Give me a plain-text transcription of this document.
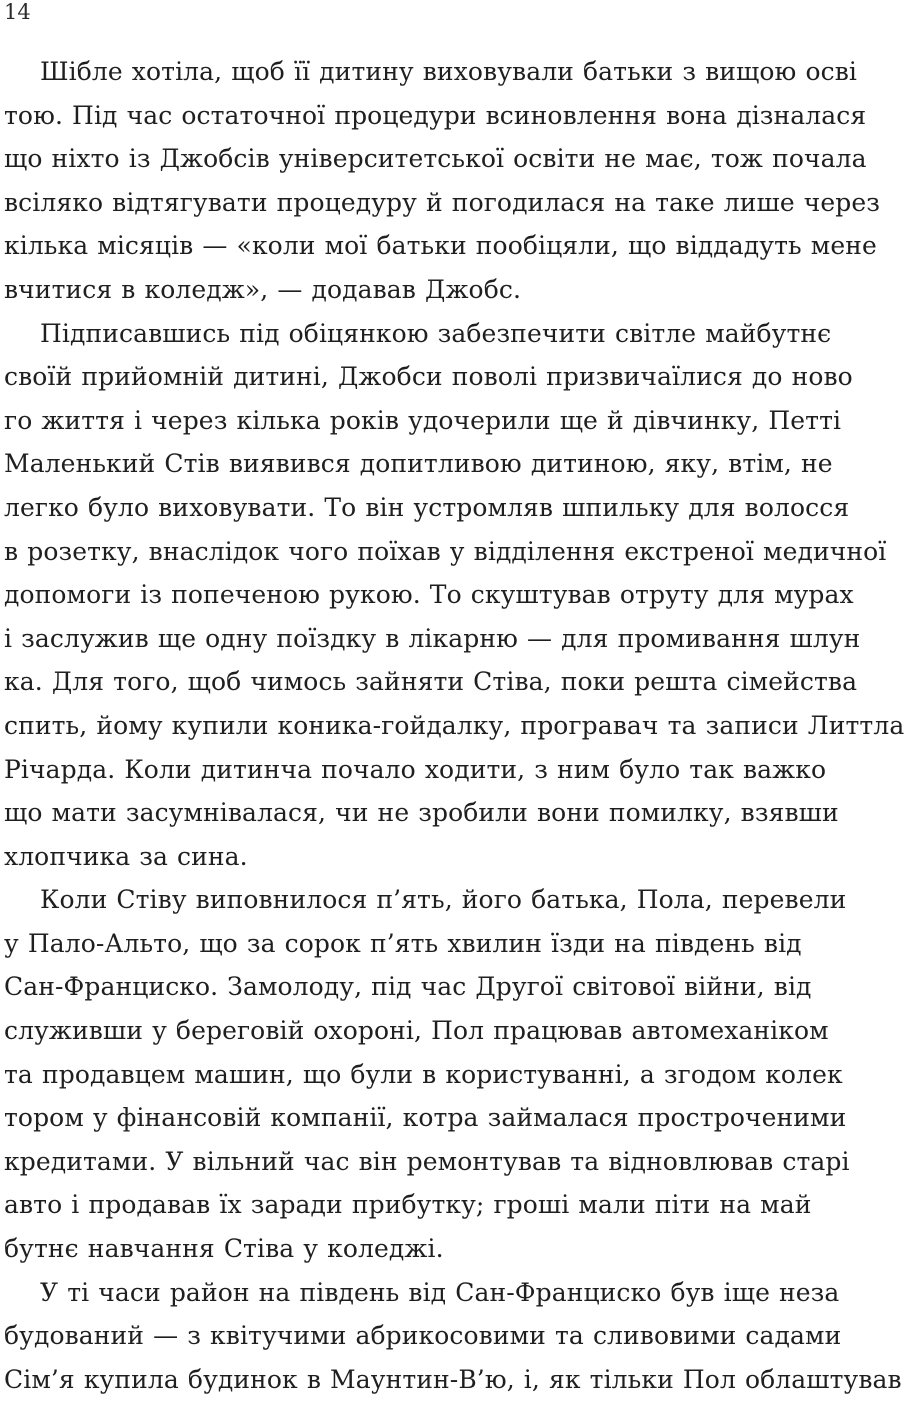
14
Шібле хотіла, щоб її дитину виховували батьки з вищою осві
тою. Під час остаточної процедури всиновлення вона дізналася
що ніхто із Джобсів університетської освіти не має, тож почала
всіляко відтягувати процедуру й погодилася на таке лише через
кілька місяців — «коли мої батьки пообіцяли, що віддадуть мене
вчитися в коледж», — додавав Джобс.
Підписавшись під обіцянкою забезпечити світле майбутнє
своїй прийомній дитині, Джобси поволі призвичаїлися до ново
го життя і через кілька років удочерили ще й дівчинку, Петті
Маленький Стів виявився допитливою дитиною, яку, втім, не
легко було виховувати. То він устромляв шпильку для волосся
в розетку, внаслідок чого поїхав у відділення екстреної медичної
допомоги із попеченою рукою. То скуштував отруту для мурах
і заслужив ще одну поїздку в лікарню — для промивання шлун
ка. Для того, щоб чимось зайняти Стіва, поки решта сімейства
спить, йому купили коника-гойдалку, програвач та записи Литтла
Річарда. Коли дитинча почало ходити, з ним було так важко
що мати засумнівалася, чи не зробили вони помилку, взявши
хлопчика за сина.
Коли Стіву виповнилося п’ять, його батька, Пола, перевели
у Пало-Альто, що за сорок п’ять хвилин їзди на південь від
Сан-Франциско. Замолоду, під час Другої світової війни, від
служивши у береговій охороні, Пол працював автомеханіком
та продавцем машин, що були в користуванні, а згодом колек
тором у фінансовій компанії, котра займалася простроченими
кредитами. У вільний час він ремонтував та відновлював старі
авто і продавав їх заради прибутку; гроші мали піти на май
бутнє навчання Стіва у коледжі.
У ті часи район на південь від Сан-Франциско був іще неза
будований — з квітучими абрикосовими та сливовими садами
Сім’я купила будинок в Маунтин-В’ю, і, як тільки Пол облаштував
